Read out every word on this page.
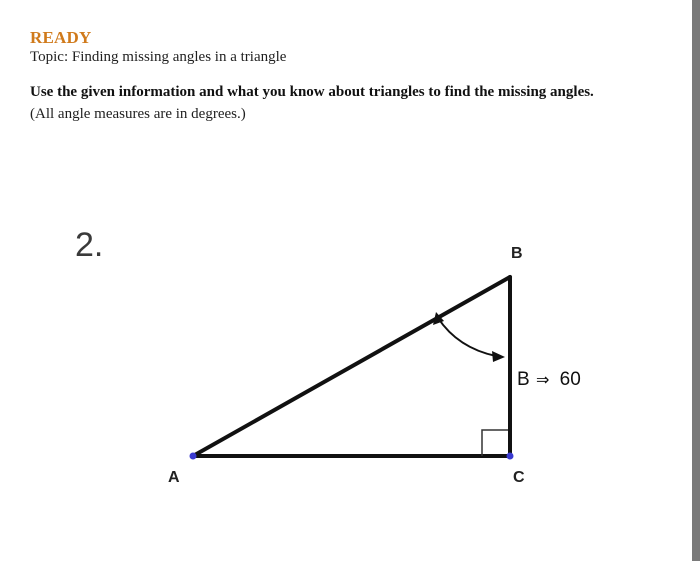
READY
Topic: Finding missing angles in a triangle
Use the given information and what you know about triangles to find the missing angles.
(All angle measures are in degrees.)
2.	B
A	C
B ⇒ 60
